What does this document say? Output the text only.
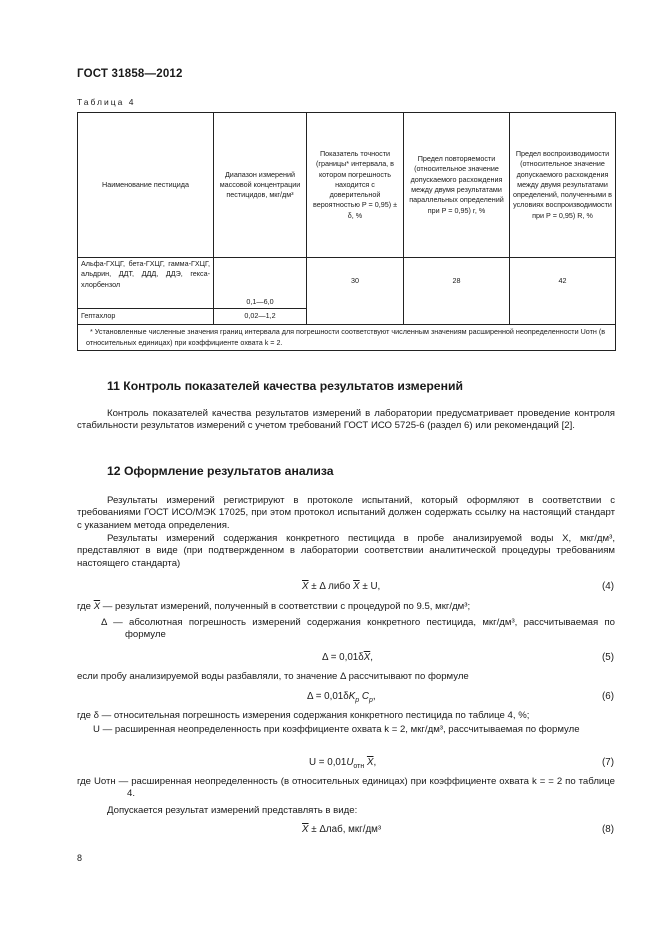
ГОСТ 31858—2012
Таблица 4
Наименование пестицида	Диапазон измерений массовой концентрации пестицидов, мкг/дм³	Показатель точности (границы* интервала, в котором погрешность находится с доверительной вероятностью P = 0,95) ± δ, %	Предел повторяемости (относительное значение допускаемого расхождения между двумя результатами параллельных определений при P = 0,95) r, %	Предел воспроизводимости (относительное значение допускаемого расхождения между двумя результатами определений, полученными в условиях воспроизводимости при P = 0,95) R, %
Альфа-ГХЦГ, бета-ГХЦГ, гамма-ГХЦГ, альдрин, ДДТ, ДДД, ДДЭ, гекса-хлорбензол	0,1—6,0	30	28	42
Гептахлор	0,02—1,2			
* Установленные численные значения границ интервала для погрешности соответствуют численным значениям расширенной неопределенности Uотн (в относительных единицах) при коэффициенте охвата k = 2.				
11 Контроль показателей качества результатов измерений

Контроль показателей качества результатов измерений в лаборатории предусматривает проведение контроля стабильности результатов измерений с учетом требований ГОСТ ИСО 5725-6 (раздел 6) или рекомендаций [2].

12 Оформление результатов анализа

Результаты измерений регистрируют в протоколе испытаний, который оформляют в соответствии с требованиями ГОСТ ИСО/МЭК 17025, при этом протокол испытаний должен содержать ссылку на настоящий стандарт с указанием метода определения.

Результаты измерений содержания конкретного пестицида в пробе анализируемой воды X, мкг/дм³, представляют в виде (при подтвержденном в лаборатории соответствии аналитической процедуры требованиям настоящего стандарта)

$\overline{X} \pm \Delta$ либо $\overline{X} \pm U$,	(4)
где $\overline{X}$ — результат измерений, полученный в соответствии с процедурой по 9.5, мкг/дм³;

Δ — абсолютная погрешность измерений содержания конкретного пестицида, мкг/дм³, рассчитываемая по формуле

$\Delta = 0,01\delta\overline{X}$,	(5)
если пробу анализируемой воды разбавляли, то значение Δ рассчитывают по формуле
$\Delta = 0,01\delta K_p$ $C_p$,	(6)
где δ — относительная погрешность измерения содержания конкретного пестицида по таблице 4, %;

U — расширенная неопределенность при коэффициенте охвата k = 2, мкг/дм³, рассчитываемая по формуле

$U = 0,01U_{отн}$ $\overline{X}$,	(7)

где Uотн — расширенная неопределенность (в относительных единицах) при коэффициенте охвата k = = 2 по таблице 4.

Допускается результат измерений представлять в виде:
$\overline{X} \pm \Delta лаб$, мкг/дм³	(8)
8
